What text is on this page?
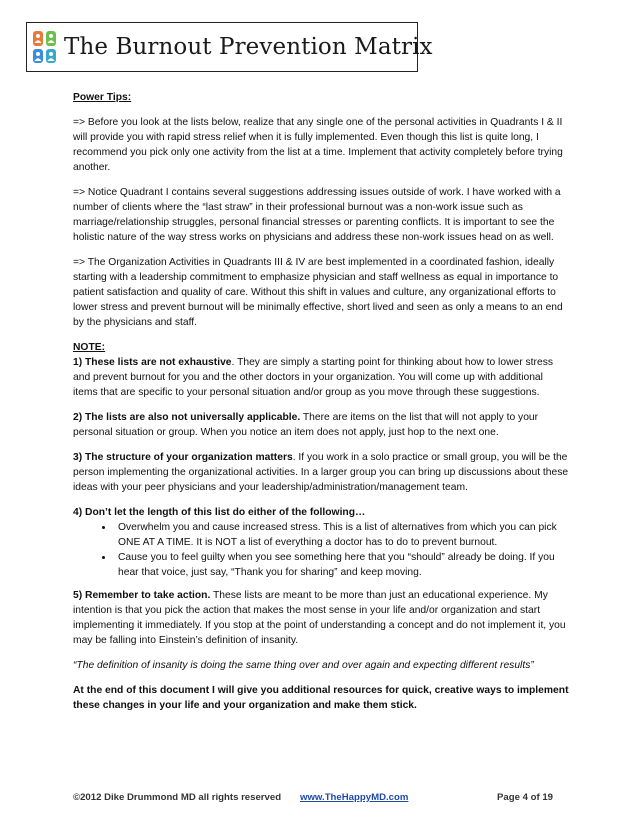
The Burnout Prevention Matrix

Power Tips:

=> Before you look at the lists below, realize that any single one of the personal activities in Quadrants I & II will provide you with rapid stress relief when it is fully implemented. Even though this list is quite long, I recommend you pick only one activity from the list at a time. Implement that activity completely before trying another.

=> Notice Quadrant I contains several suggestions addressing issues outside of work. I have worked with a number of clients where the “last straw” in their professional burnout was a non-work issue such as marriage/relationship struggles, personal financial stresses or parenting conflicts. It is important to see the holistic nature of the way stress works on physicians and address these non-work issues head on as well.

=> The Organization Activities in Quadrants III & IV are best implemented in a coordinated fashion, ideally starting with a leadership commitment to emphasize physician and staff wellness as equal in importance to patient satisfaction and quality of care. Without this shift in values and culture, any organizational efforts to lower stress and prevent burnout will be minimally effective, short lived and seen as only a means to an end by the physicians and staff.

NOTE:

1) These lists are not exhaustive. They are simply a starting point for thinking about how to lower stress and prevent burnout for you and the other doctors in your organization. You will come up with additional items that are specific to your personal situation and/or group as you move through these suggestions.

2) The lists are also not universally applicable. There are items on the list that will not apply to your personal situation or group. When you notice an item does not apply, just hop to the next one.

3) The structure of your organization matters. If you work in a solo practice or small group, you will be the person implementing the organizational activities. In a larger group you can bring up discussions about these ideas with your peer physicians and your leadership/administration/management team.

4) Don’t let the length of this list do either of the following…

• Overwhelm you and cause increased stress. This is a list of alternatives from which you can pick ONE AT A TIME. It is NOT a list of everything a doctor has to do to prevent burnout.
• Cause you to feel guilty when you see something here that you “should” already be doing. If you hear that voice, just say, “Thank you for sharing” and keep moving.

5) Remember to take action. These lists are meant to be more than just an educational experience. My intention is that you pick the action that makes the most sense in your life and/or organization and start implementing it immediately. If you stop at the point of understanding a concept and do not implement it, you may be falling into Einstein’s definition of insanity.

“The definition of insanity is doing the same thing over and over again and expecting different results”

At the end of this document I will give you additional resources for quick, creative ways to implement these changes in your life and your organization and make them stick.

©2012 Dike Drummond MD all rights reserved www.TheHappyMD.com	Page 4 of 19
